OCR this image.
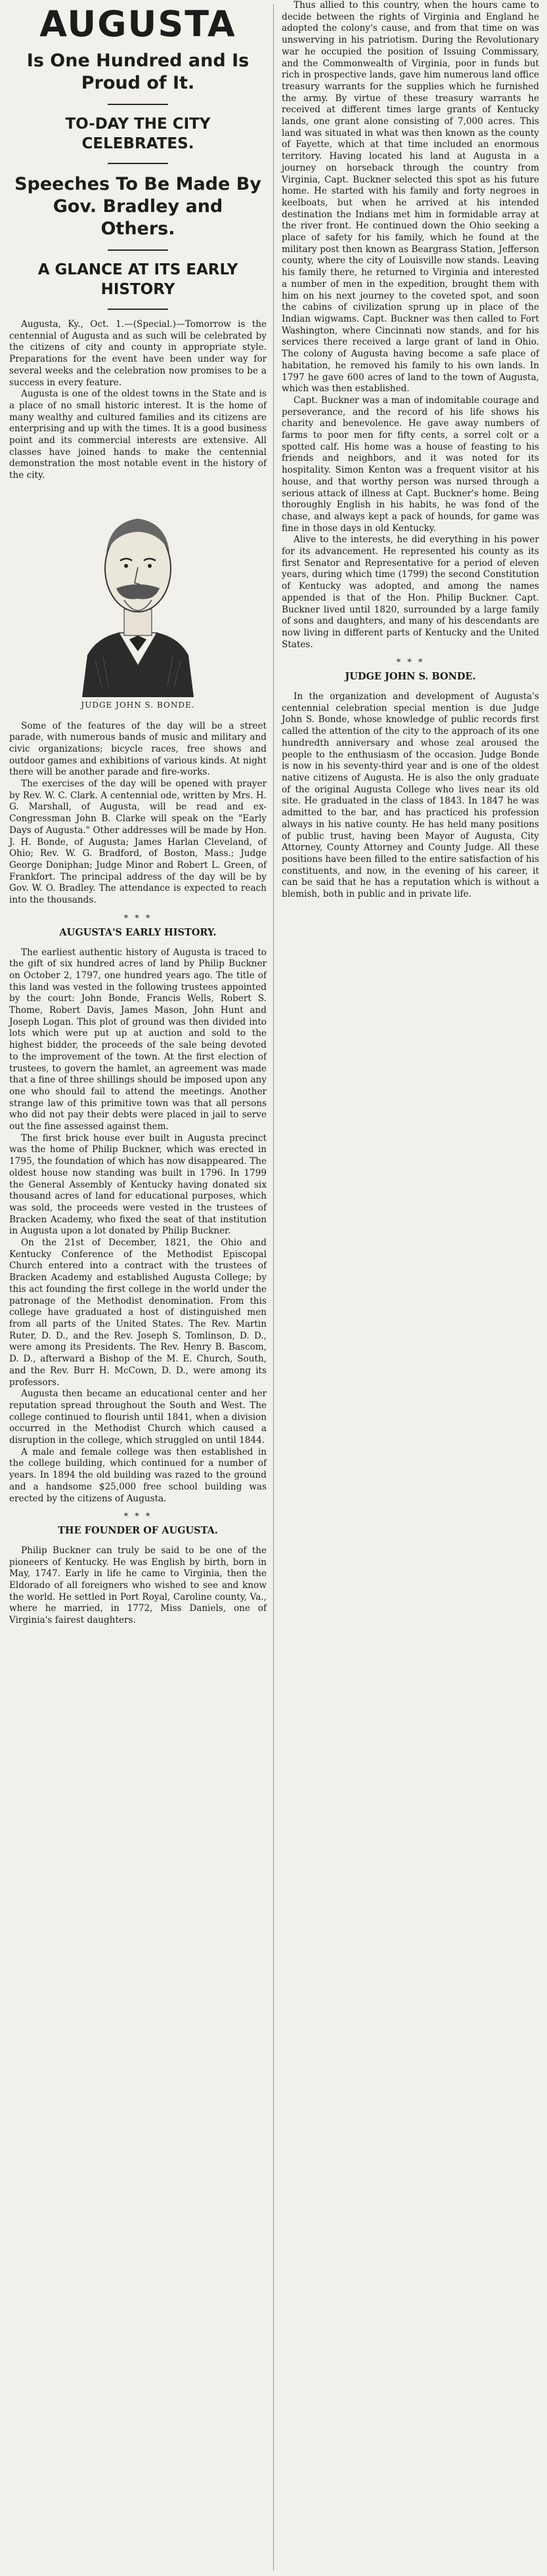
AUGUSTA
Is One Hundred and Is Proud of It.
TO-DAY THE CITY CELEBRATES.
Speeches To Be Made By Gov. Bradley and Others.
A GLANCE AT ITS EARLY HISTORY

Augusta, Ky., Oct. 1.—(Special.)—Tomorrow is the centennial of Augusta and as such will be celebrated by the citizens of city and county in appropriate style. Preparations for the event have been under way for several weeks and the celebration now promises to be a success in every feature.

Augusta is one of the oldest towns in the State and is a place of no small historic interest. It is the home of many wealthy and cultured families and its citizens are enterprising and up with the times. It is a good business point and its commercial interests are extensive. All classes have joined hands to make the centennial demonstration the most notable event in the history of the city.

JUDGE JOHN S. BONDE.

Some of the features of the day will be a street parade, with numerous bands of music and military and civic organizations; bicycle races, free shows and outdoor games and exhibitions of various kinds. At night there will be another parade and fire-works.

The exercises of the day will be opened with prayer by Rev. W. C. Clark. A centennial ode, written by Mrs. H. G. Marshall, of Augusta, will be read and ex-Congressman John B. Clarke will speak on the "Early Days of Augusta." Other addresses will be made by Hon. J. H. Bonde, of Augusta; James Harlan Cleveland, of Ohio; Rev. W. G. Bradford, of Boston, Mass.; Judge George Doniphan; Judge Minor and Robert L. Green, of Frankfort. The principal address of the day will be by Gov. W. O. Bradley. The attendance is expected to reach into the thousands.

* * *
AUGUSTA'S EARLY HISTORY.

The earliest authentic history of Augusta is traced to the gift of six hundred acres of land by Philip Buckner on October 2, 1797, one hundred years ago. The title of this land was vested in the following trustees appointed by the court: John Bonde, Francis Wells, Robert S. Thome, Robert Davis, James Mason, John Hunt and Joseph Logan. This plot of ground was then divided into lots which were put up at auction and sold to the highest bidder, the proceeds of the sale being devoted to the improvement of the town. At the first election of trustees, to govern the hamlet, an agreement was made that a fine of three shillings should be imposed upon any one who should fail to attend the meetings. Another strange law of this primitive town was that all persons who did not pay their debts were placed in jail to serve out the fine assessed against them.

The first brick house ever built in Augusta precinct was the home of Philip Buckner, which was erected in 1795, the foundation of which has now disappeared. The oldest house now standing was built in 1796. In 1799 the General Assembly of Kentucky having donated six thousand acres of land for educational purposes, which was sold, the proceeds were vested in the trustees of Bracken Academy, who fixed the seat of that institution in Augusta upon a lot donated by Philip Buckner.

On the 21st of December, 1821, the Ohio and Kentucky Conference of the Methodist Episcopal Church entered into a contract with the trustees of Bracken Academy and established Augusta College; by this act founding the first college in the world under the patronage of the Methodist denomination. From this college have graduated a host of distinguished men from all parts of the United States. The Rev. Martin Ruter, D. D., and the Rev. Joseph S. Tomlinson, D. D., were among its Presidents. The Rev. Henry B. Bascom, D. D., afterward a Bishop of the M. E. Church, South, and the Rev. Burr H. McCown, D. D., were among its professors.

Augusta then became an educational center and her reputation spread throughout the South and West. The college continued to flourish until 1841, when a division occurred in the Methodist Church which caused a disruption in the college, which struggled on until 1844.

A male and female college was then established in the college building, which continued for a number of years. In 1894 the old building was razed to the ground and a handsome $25,000 free school building was erected by the citizens of Augusta.

* * *
THE FOUNDER OF AUGUSTA.

Philip Buckner can truly be said to be one of the pioneers of Kentucky. He was English by birth, born in May, 1747. Early in life he came to Virginia, then the Eldorado of all foreigners who wished to see and know the world. He settled in Port Royal, Caroline county, Va., where he married, in 1772, Miss Daniels, one of Virginia's fairest daughters.

Thus allied to this country, when the hours came to decide between the rights of Virginia and England he adopted the colony's cause, and from that time on was unswerving in his patriotism. During the Revolutionary war he occupied the position of Issuing Commissary, and the Commonwealth of Virginia, poor in funds but rich in prospective lands, gave him numerous land office treasury warrants for the supplies which he furnished the army. By virtue of these treasury warrants he received at different times large grants of Kentucky lands, one grant alone consisting of 7,000 acres. This land was situated in what was then known as the county of Fayette, which at that time included an enormous territory. Having located his land at Augusta in a journey on horseback through the country from Virginia, Capt. Buckner selected this spot as his future home. He started with his family and forty negroes in keelboats, but when he arrived at his intended destination the Indians met him in formidable array at the river front. He continued down the Ohio seeking a place of safety for his family, which he found at the military post then known as Beargrass Station, Jefferson county, where the city of Louisville now stands. Leaving his family there, he returned to Virginia and interested a number of men in the expedition, brought them with him on his next journey to the coveted spot, and soon the cabins of civilization sprung up in place of the Indian wigwams. Capt. Buckner was then called to Fort Washington, where Cincinnati now stands, and for his services there received a large grant of land in Ohio. The colony of Augusta having become a safe place of habitation, he removed his family to his own lands. In 1797 he gave 600 acres of land to the town of Augusta, which was then established.

Capt. Buckner was a man of indomitable courage and perseverance, and the record of his life shows his charity and benevolence. He gave away numbers of farms to poor men for fifty cents, a sorrel colt or a spotted calf. His home was a house of feasting to his friends and neighbors, and it was noted for its hospitality. Simon Kenton was a frequent visitor at his house, and that worthy person was nursed through a serious attack of illness at Capt. Buckner's home. Being thoroughly English in his habits, he was fond of the chase, and always kept a pack of hounds, for game was fine in those days in old Kentucky.

Alive to the interests, he did everything in his power for its advancement. He represented his county as its first Senator and Representative for a period of eleven years, during which time (1799) the second Constitution of Kentucky was adopted, and among the names appended is that of the Hon. Philip Buckner. Capt. Buckner lived until 1820, surrounded by a large family of sons and daughters, and many of his descendants are now living in different parts of Kentucky and the United States.

* * *
JUDGE JOHN S. BONDE.

In the organization and development of Augusta's centennial celebration special mention is due Judge John S. Bonde, whose knowledge of public records first called the attention of the city to the approach of its one hundredth anniversary and whose zeal aroused the people to the enthusiasm of the occasion. Judge Bonde is now in his seventy-third year and is one of the oldest native citizens of Augusta. He is also the only graduate of the original Augusta College who lives near its old site. He graduated in the class of 1843. In 1847 he was admitted to the bar, and has practiced his profession always in his native county. He has held many positions of public trust, having been Mayor of Augusta, City Attorney, County Attorney and County Judge. All these positions have been filled to the entire satisfaction of his constituents, and now, in the evening of his career, it can be said that he has a reputation which is without a blemish, both in public and in private life.
